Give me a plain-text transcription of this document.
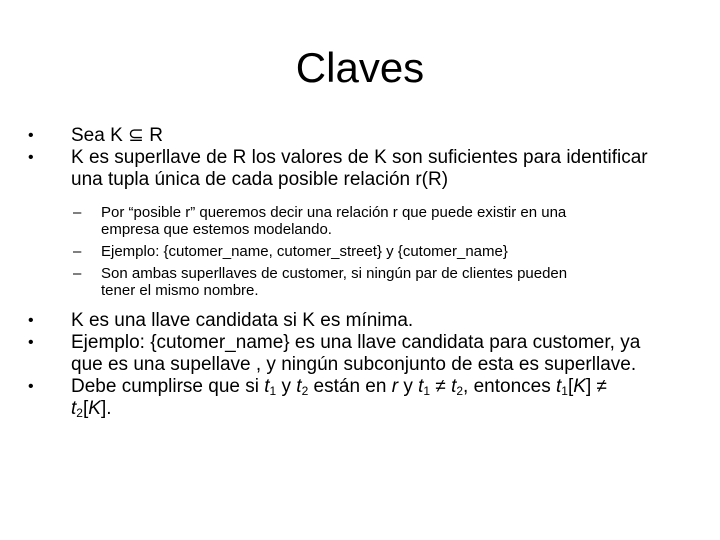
Claves
• Sea K ⊆ R

• K es superllave de R los valores de K son suficientes para identificar
una tupla única de cada posible relación r(R)

– Por “posible r” queremos decir una relación r que puede existir en una
empresa que estemos modelando.

– Ejemplo: {cutomer_name, cutomer_street} y {cutomer_name}

– Son ambas superllaves de customer, si ningún par de clientes pueden
tener el mismo nombre.

• K es una llave candidata si K es mínima.

• Ejemplo: {cutomer_name} es una llave candidata para customer, ya
que es una supellave , y ningún subconjunto de esta es superllave.

• Debe cumplirse que si $t_1$ y $t_2$ están en r y $t_1 \ne t_2$, entonces $t_1[K]$ ≠
$t_2[K]$.
